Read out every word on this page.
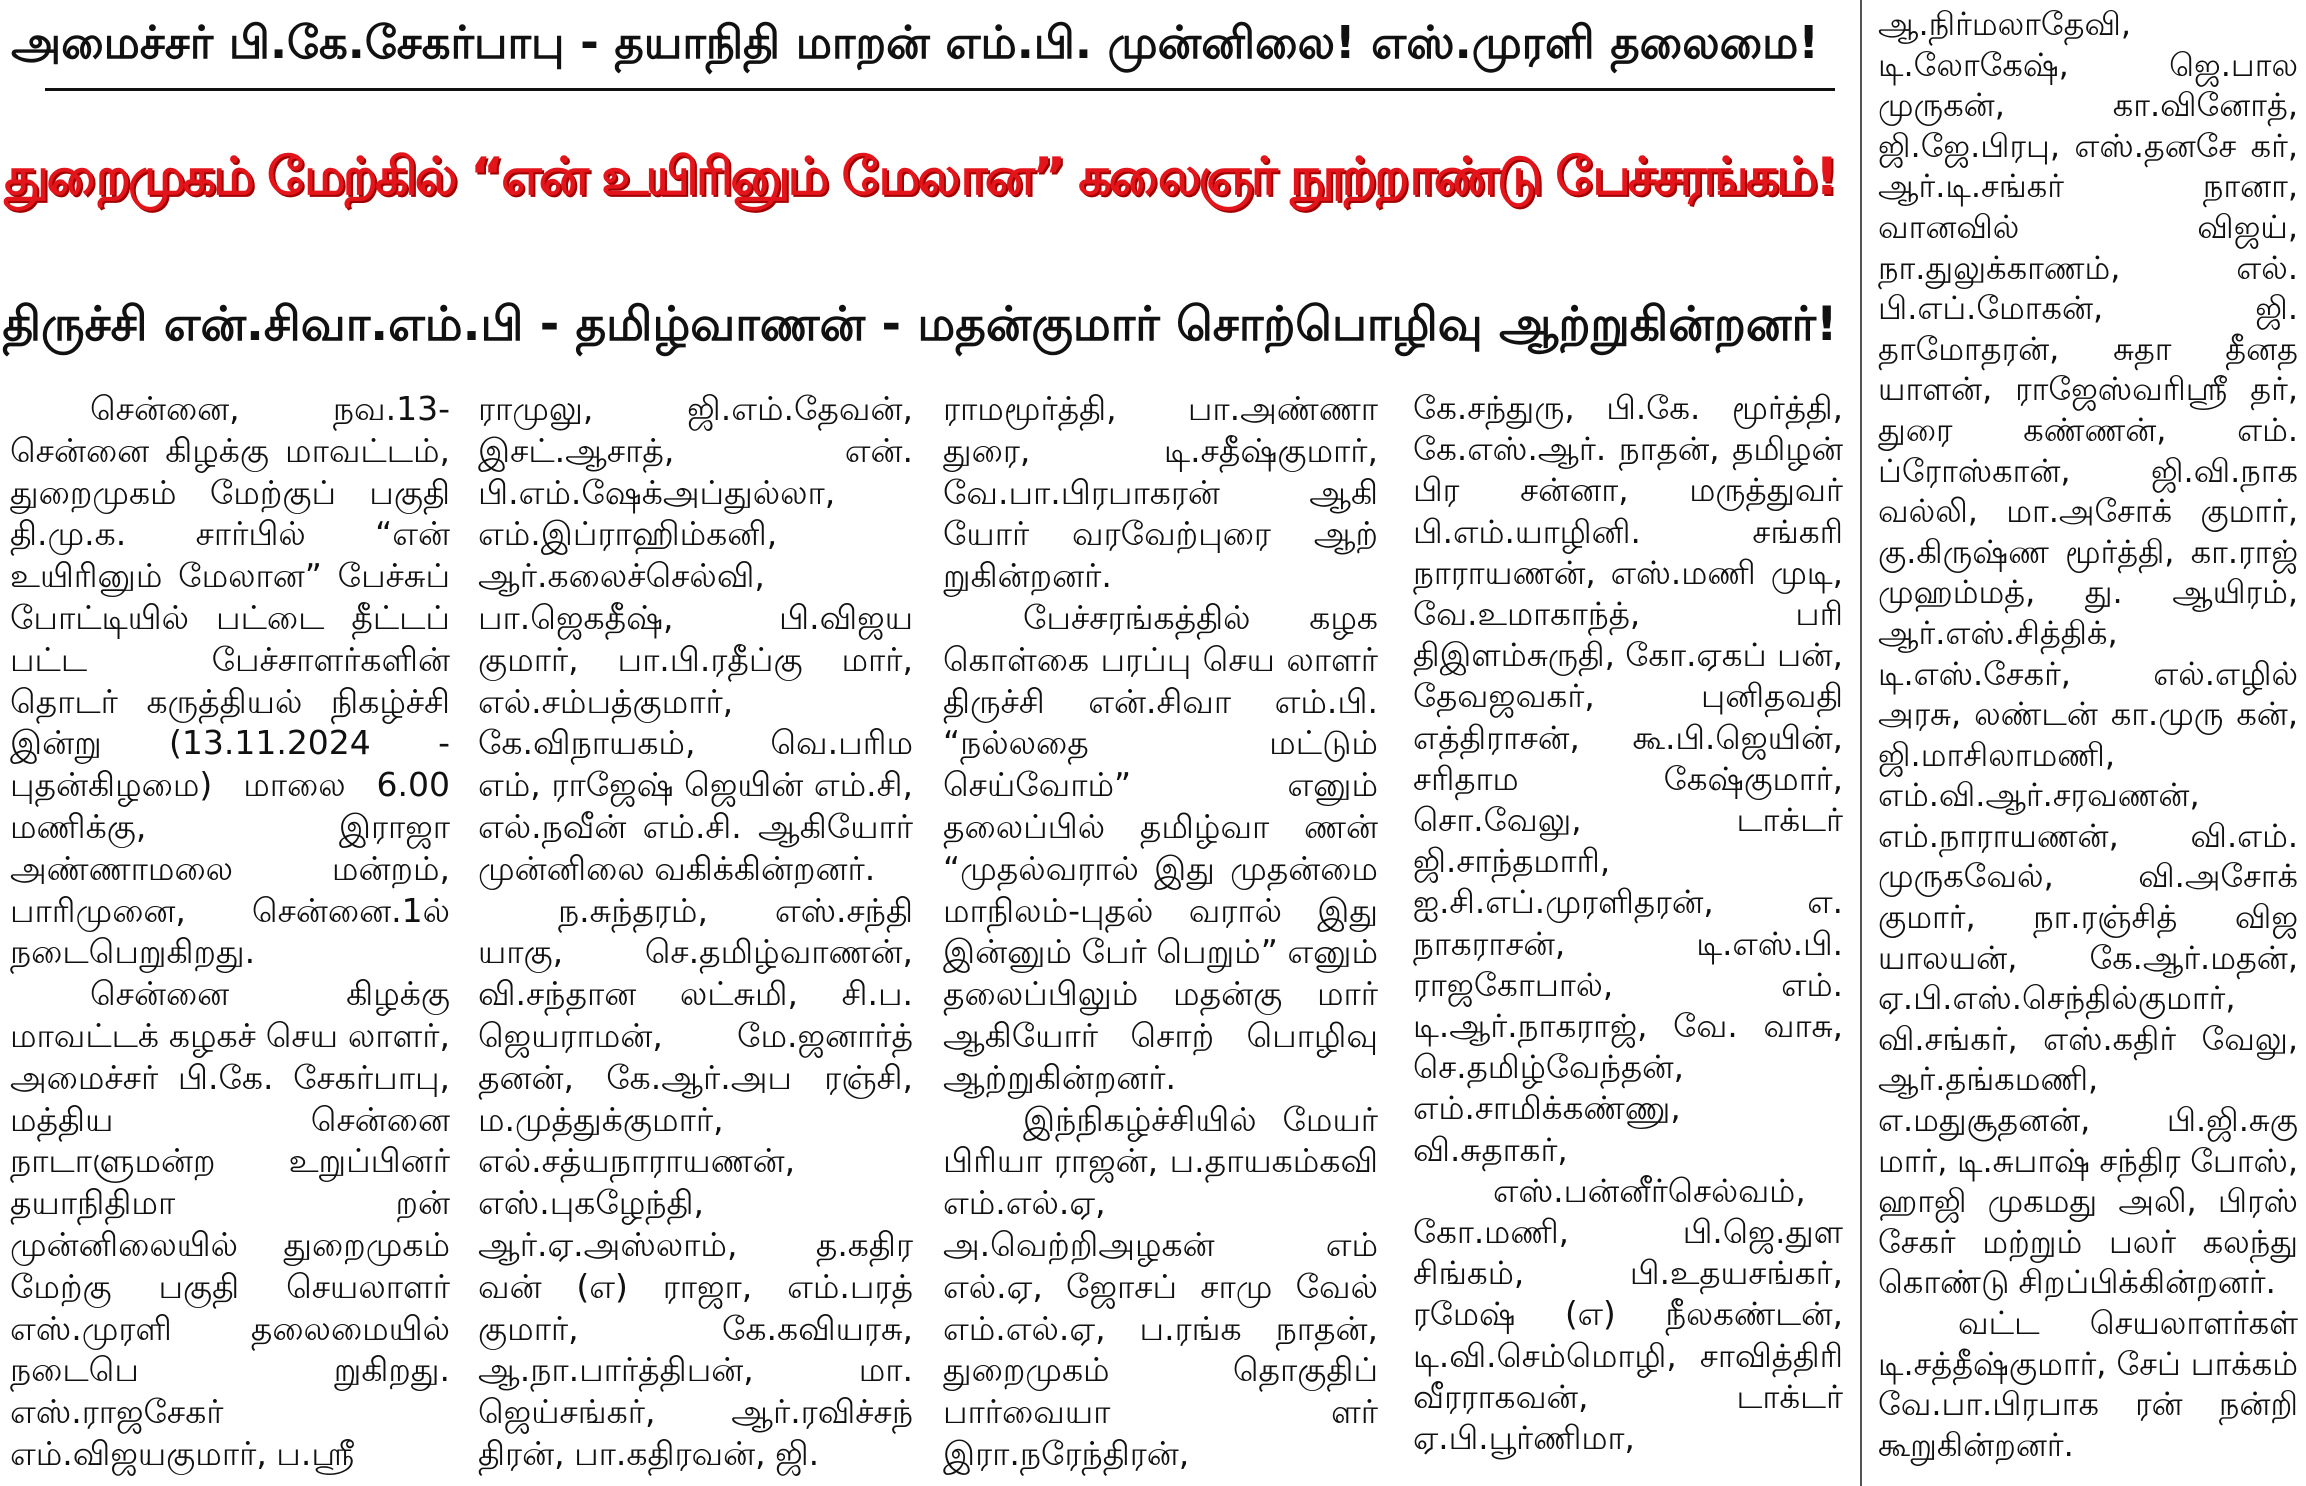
அமைச்சர் பி.கே.சேகர்பாபு - தயாநிதி மாறன் எம்.பி. முன்னிலை! எஸ்.முரளி தலைமை!
துறைமுகம் மேற்கில் “என் உயிரினும் மேலான” கலைஞர் நூற்றாண்டு பேச்சரங்கம்!
திருச்சி என்.சிவா.எம்.பி - தமிழ்வாணன் - மதன்குமார் சொற்பொழிவு ஆற்றுகின்றனர்!

சென்னை, நவ.13- சென்னை கிழக்கு மாவட்டம், துறைமுகம் மேற்குப் பகுதி தி.மு.க. சார்பில் “என் உயிரினும் மேலான” பேச்சுப் போட்டியில் பட்டை தீட்டப் பட்ட பேச்சாளர்களின் தொடர் கருத்தியல் நிகழ்ச்சி இன்று (13.11.2024 - புதன்கிழமை) மாலை 6.00 மணிக்கு, இராஜா அண்ணாமலை மன்றம், பாரிமுனை, சென்னை.1ல் நடைபெறுகிறது.

சென்னை கிழக்கு மாவட்டக் கழகச் செய லாளர், அமைச்சர் பி.கே. சேகர்பாபு, மத்திய சென்னை நாடாளுமன்ற உறுப்பினர் தயாநிதிமா றன் முன்னிலையில் துறைமுகம் மேற்கு பகுதி செயலாளர் எஸ்.முரளி தலைமையில் நடைபெ றுகிறது. எஸ்.ராஜசேகர் எம்.விஜயகுமார், ப.ஸ்ரீ

ராமுலு, ஜி.எம்.தேவன், இசட்.ஆசாத், என். பி.எம்.ஷேக்அப்துல்லா, எம்.இப்ராஹிம்கனி, ஆர்.கலைச்செல்வி, பா.ஜெகதீஷ், பி.விஜய குமார், பா.பி.ரதீப்கு மார், எல்.சம்பத்குமார், கே.விநாயகம், வெ.பரிம எம், ராஜேஷ் ஜெயின் எம்.சி, எல்.நவீன் எம்.சி. ஆகியோர் முன்னிலை வகிக்கின்றனர்.

ந.சுந்தரம், எஸ்.சந்தி யாகு, செ.தமிழ்வாணன், வி.சந்தான லட்சுமி, சி.ப. ஜெயராமன், மே.ஜனார்த் தனன், கே.ஆர்.அப ரஞ்சி, ம.முத்துக்குமார், எல்.சத்யநாராயணன், எஸ்.புகழேந்தி, ஆர்.ஏ.அஸ்லாம், த.கதிர வன் (எ) ராஜா, எம்.பரத் குமார், கே.கவியரசு, ஆ.நா.பார்த்திபன், மா. ஜெய்சங்கர், ஆர்.ரவிச்சந் திரன், பா.கதிரவன், ஜி.

ராமமூர்த்தி, பா.அண்ணா துரை, டி.சதீஷ்குமார், வே.பா.பிரபாகரன் ஆகி யோர் வரவேற்புரை ஆற் றுகின்றனர்.

பேச்சரங்கத்தில் கழக கொள்கை பரப்பு செய லாளர் திருச்சி என்.சிவா எம்.பி. “நல்லதை மட்டும் செய்வோம்” எனும் தலைப்பில் தமிழ்வா ணன் “முதல்வரால் இது முதன்மை மாநிலம்-புதல் வரால் இது இன்னும் பேர் பெறும்” எனும் தலைப்பிலும் மதன்கு மார் ஆகியோர் சொற் பொழிவு ஆற்றுகின்றனர்.

இந்நிகழ்ச்சியில் மேயர் பிரியா ராஜன், ப.தாயகம்கவி எம்.எல்.ஏ, அ.வெற்றிஅழகன் எம் எல்.ஏ, ஜோசப் சாமு வேல் எம்.எல்.ஏ, ப.ரங்க நாதன், துறைமுகம் தொகுதிப் பார்வையா ளர் இரா.நரேந்திரன்,

கே.சந்துரு, பி.கே. மூர்த்தி, கே.எஸ்.ஆர். நாதன், தமிழன் பிர சன்னா, மருத்துவர் பி.எம்.யாழினி. சங்கரி நாராயணன், எஸ்.மணி முடி, வே.உமாகாந்த், பரி திஇளம்சுருதி, கோ.ஏகப் பன், தேவஜவகர், புனிதவதி எத்திராசன், கூ.பி.ஜெயின், சரிதாம கேஷ்குமார், சொ.வேலு, டாக்டர் ஜி.சாந்தமாரி, ஐ.சி.எப்.முரளிதரன், எ. நாகராசன், டி.எஸ்.பி. ராஜகோபால், எம். டி.ஆர்.நாகராஜ், வே. வாசு, செ.தமிழ்வேந்தன், எம்.சாமிக்கண்ணு, வி.சுதாகர்,

எஸ்.பன்னீர்செல்வம், கோ.மணி, பி.ஜெ.துள சிங்கம், பி.உதயசங்கர், ரமேஷ் (எ) நீலகண்டன், டி.வி.செம்மொழி, சாவித்திரி வீரராகவன், டாக்டர் ஏ.பி.பூர்ணிமா,

ஆ.நிர்மலாதேவி, டி.லோகேஷ், ஜெ.பால முருகன், கா.வினோத், ஜி.ஜே.பிரபு, எஸ்.தனசே கர், ஆர்.டி.சங்கர் நானா, வானவில் விஜய், நா.துலுக்காணம், எல். பி.எப்.மோகன், ஜி. தாமோதரன், சுதா தீனத யாளன், ராஜேஸ்வரிஸ்ரீ தர், துரை கண்ணன், எம். ப்ரோஸ்கான், ஜி.வி.நாக வல்லி, மா.அசோக் குமார், கு.கிருஷ்ண மூர்த்தி, கா.ராஜ் முஹம்மத், து. ஆயிரம், ஆர்.எஸ்.சித்திக், டி.எஸ்.சேகர், எல்.எழில் அரசு, லண்டன் கா.முரு கன், ஜி.மாசிலாமணி, எம்.வி.ஆர்.சரவணன், எம்.நாராயணன், வி.எம். முருகவேல், வி.அசோக் குமார், நா.ரஞ்சித் விஜ யாலயன், கே.ஆர்.மதன், ஏ.பி.எஸ்.செந்தில்குமார், வி.சங்கர், எஸ்.கதிர் வேலு, ஆர்.தங்கமணி, எ.மதுசூதனன், பி.ஜி.சுகு மார், டி.சுபாஷ் சந்திர போஸ், ஹாஜி முகமது அலி, பிரஸ் சேகர் மற்றும் பலர் கலந்து கொண்டு சிறப்பிக்கின்றனர்.

வட்ட செயலாளர்கள் டி.சத்தீஷ்குமார், சேப் பாக்கம் வே.பா.பிரபாக ரன் நன்றி கூறுகின்றனர்.
